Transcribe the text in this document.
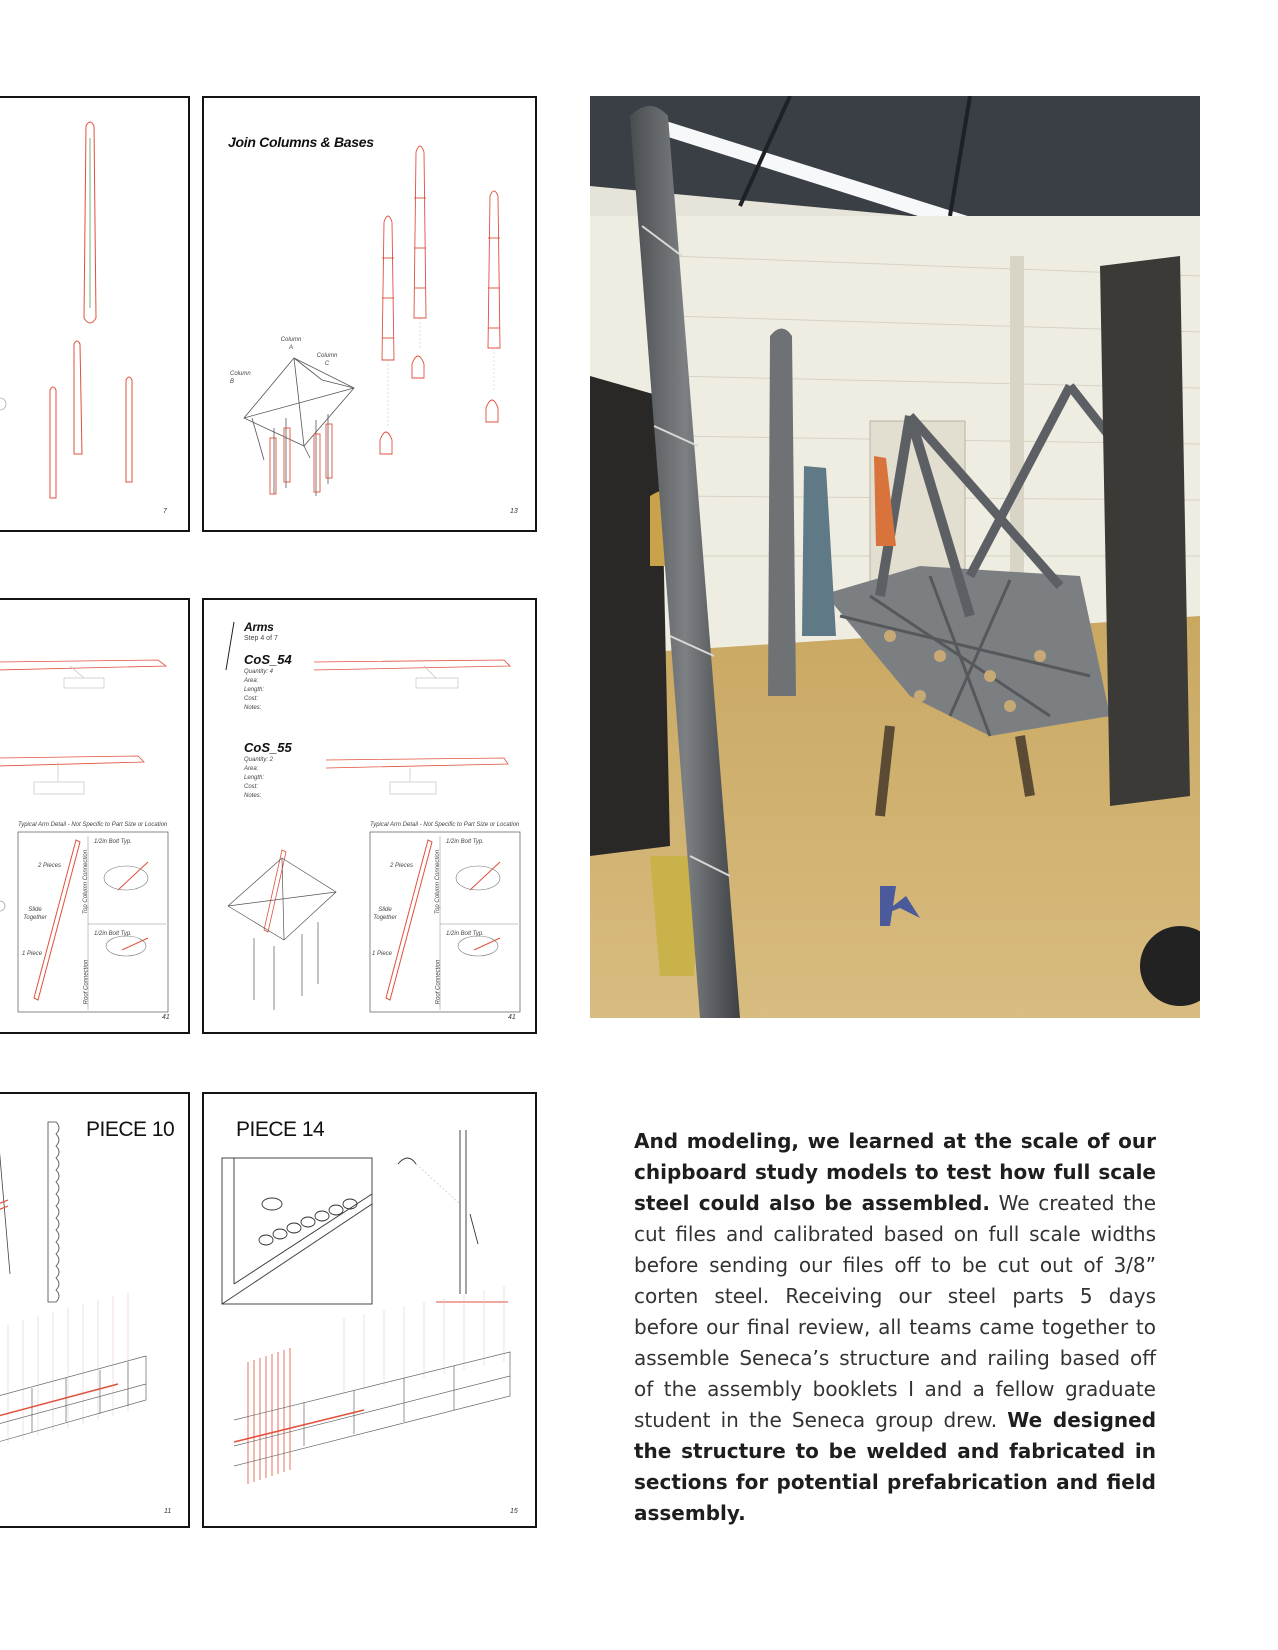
7
Join Columns & Bases
Column A
Column B
Column C
13
Typical Arm Detail - Not Specific to Part Size or Location
1/2in Bolt Typ.
1/2in Bolt Typ.
2 Pieces
Slide Together
1 Piece
Top Column Connection
Roof Connection
41
Arms
Step 4 of 7
CoS_54
Quantity: 4
Area:
Length:
Cost:
Notes:
CoS_55
Quantity: 2
Area:
Length:
Cost:
Notes:
Typical Arm Detail - Not Specific to Part Size or Location
1/2in Bolt Typ.
1/2in Bolt Typ.
2 Pieces
Slide Together
1 Piece
Top Column Connection
Roof Connection
41
PIECE 10
11
PIECE 14
15
And modeling, we learned at the scale of our chipboard study models to test how full scale steel could also be assembled. We created the cut files and calibrated based on full scale widths before sending our files off to be cut out of 3/8” corten steel. Receiving our steel parts 5 days before our final review, all teams came together to assemble Seneca’s structure and railing based off of the assembly booklets I and a fellow graduate student in the Seneca group drew. We designed the structure to be welded and fabricated in sections for potential prefabrication and field assembly.
